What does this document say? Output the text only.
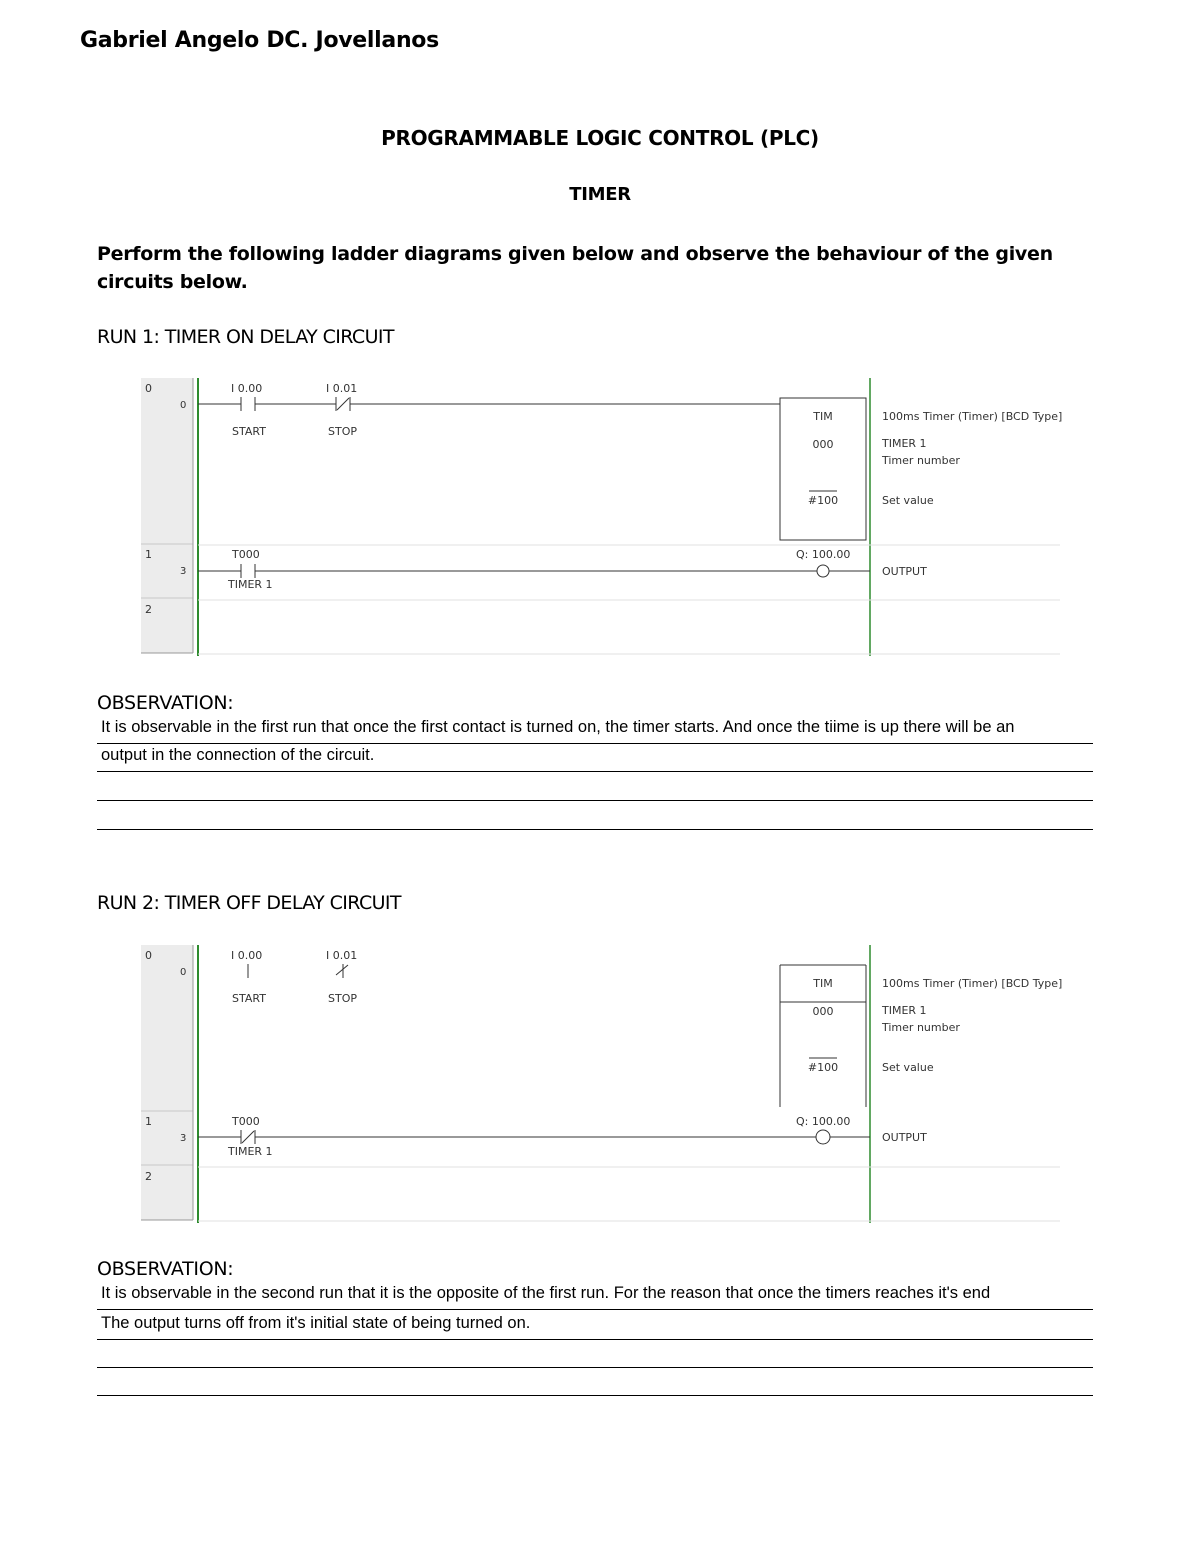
Gabriel Angelo DC. Jovellanos
PROGRAMMABLE LOGIC CONTROL (PLC)
TIMER
Perform the following ladder diagrams given below and observe the behaviour of the given circuits below.
RUN 1: TIMER ON DELAY CIRCUIT
0
1
2
0
3
I 0.00
START
I 0.01
STOP
TIM
000
#100
100ms Timer (Timer) [BCD Type]
TIMER 1
Timer number
Set value
T000
TIMER 1
Q: 100.00
OUTPUT
OBSERVATION:
It is observable in the first run that once the first contact is turned on, the timer starts. And once the tiime is up there will be an
output in the connection of the circuit.
RUN 2: TIMER OFF DELAY CIRCUIT
0
1
2
0
3
I 0.00
START
I 0.01
STOP
TIM
000
#100
100ms Timer (Timer) [BCD Type]
TIMER 1
Timer number
Set value
T000
TIMER 1
Q: 100.00
OUTPUT
OBSERVATION:
It is observable in the second run that it is the opposite of the first run. For the reason that once the timers reaches it's end
The output turns off from it's initial state of being turned on.
